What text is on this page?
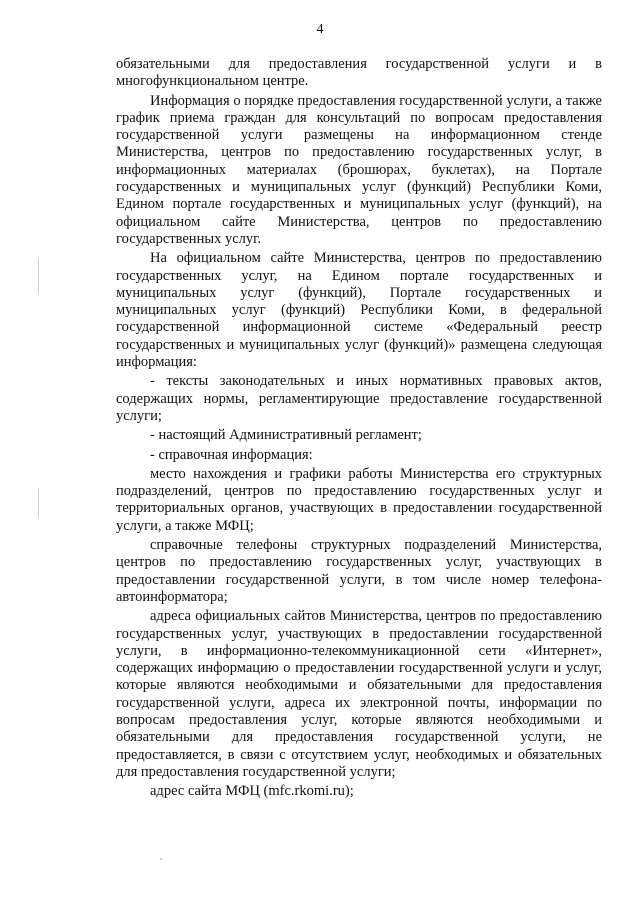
4

обязательными для предоставления государственной услуги и в многофункциональном центре.

Информация о порядке предоставления государственной услуги, а также график приема граждан для консультаций по вопросам предоставления государственной услуги размещены на информационном стенде Министерства, центров по предоставлению государственных услуг, в информационных материалах (брошюрах, буклетах), на Портале государственных и муниципальных услуг (функций) Республики Коми, Едином портале государственных и муниципальных услуг (функций), на официальном сайте Министерства, центров по предоставлению государственных услуг.

На официальном сайте Министерства, центров по предоставлению государственных услуг, на Едином портале государственных и муниципальных услуг (функций), Портале государственных и муниципальных услуг (функций) Республики Коми, в федеральной государственной информационной системе «Федеральный реестр государственных и муниципальных услуг (функций)» размещена следующая информация:

- тексты законодательных и иных нормативных правовых актов, содержащих нормы, регламентирующие предоставление государственной услуги;

- настоящий Административный регламент;

- справочная информация:

место нахождения и графики работы Министерства его структурных подразделений, центров по предоставлению государственных услуг и территориальных органов, участвующих в предоставлении государственной услуги, а также МФЦ;

справочные телефоны структурных подразделений Министерства, центров по предоставлению государственных услуг, участвующих в предоставлении государственной услуги, в том числе номер телефона-автоинформатора;

адреса официальных сайтов Министерства, центров по предоставлению государственных услуг, участвующих в предоставлении государственной услуги, в информационно-телекоммуникационной сети «Интернет», содержащих информацию о предоставлении государственной услуги и услуг, которые являются необходимыми и обязательными для предоставления государственной услуги, адреса их электронной почты, информации по вопросам предоставления услуг, которые являются необходимыми и обязательными для предоставления государственной услуги, не предоставляется, в связи с отсутствием услуг, необходимых и обязательных для предоставления государственной услуги;

адрес сайта МФЦ (mfc.rkomi.ru);
